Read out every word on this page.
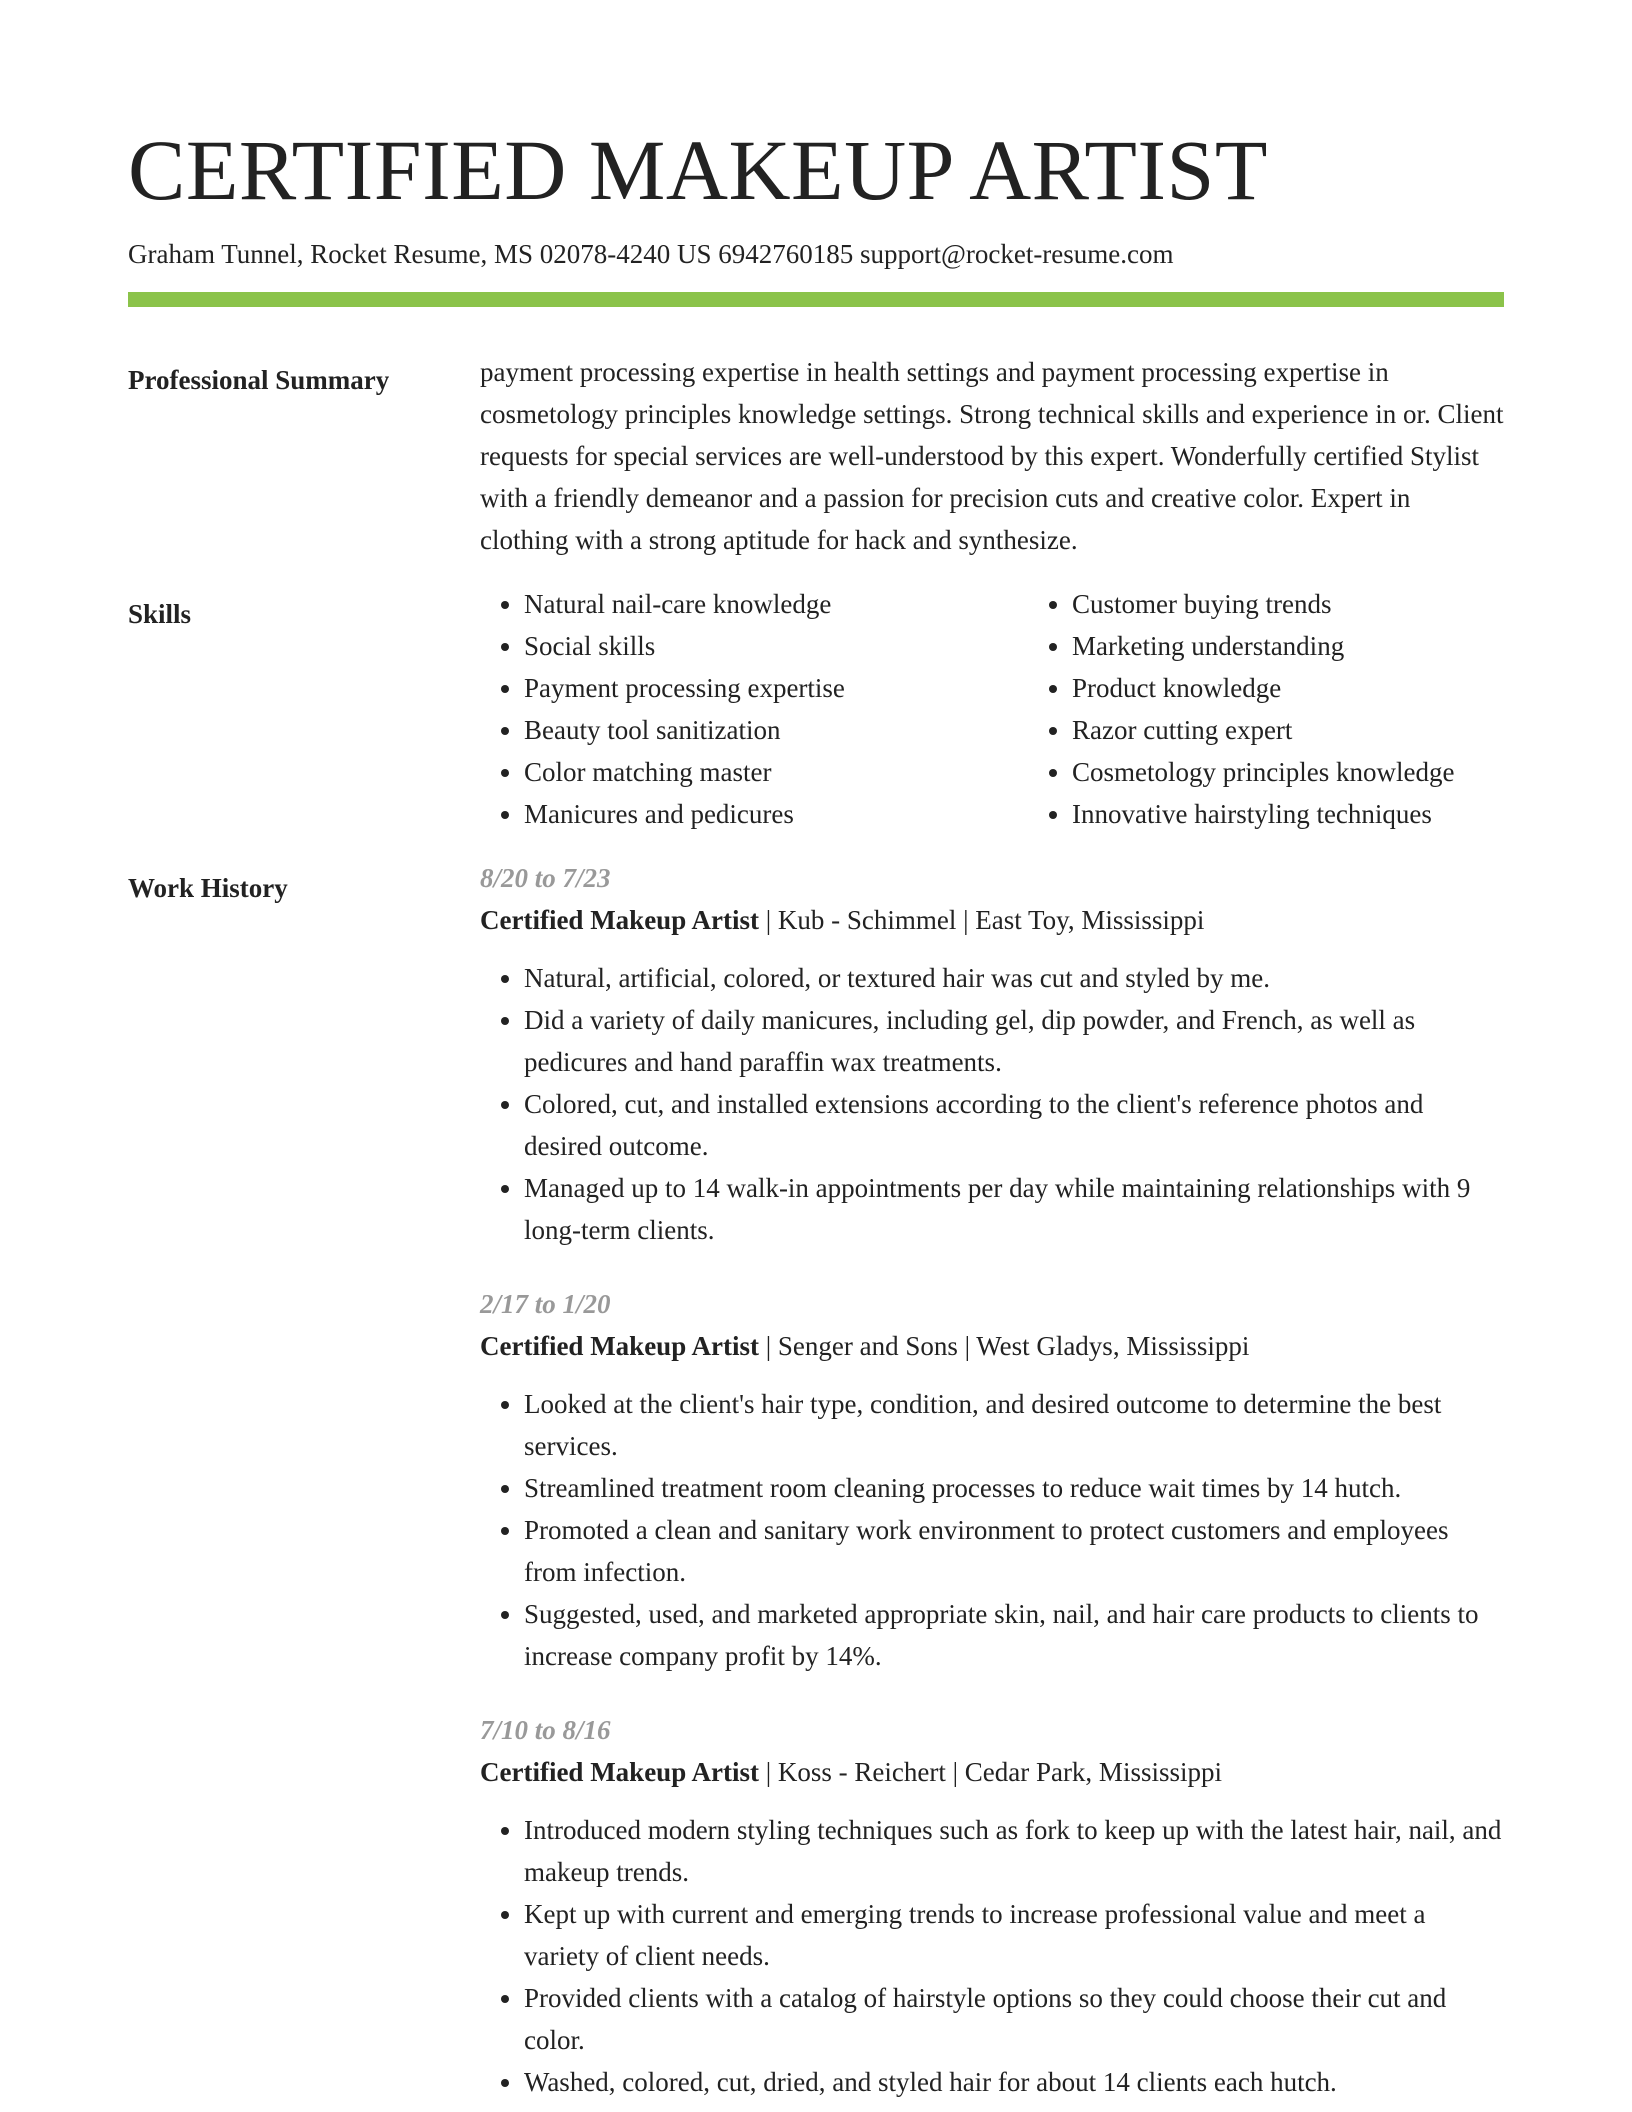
CERTIFIED MAKEUP ARTIST
Graham Tunnel, Rocket Resume, MS 02078-4240 US 6942760185 support@rocket-resume.com
Professional Summary	payment processing expertise in health settings and payment processing expertise in cosmetology principles knowledge settings. Strong technical skills and experience in or. Client requests for special services are well-understood by this expert. Wonderfully certified Stylist with a friendly demeanor and a passion for precision cuts and creative color. Expert in clothing with a strong aptitude for hack and synthesize.

Skills
•	Natural nail-care knowledge
• Social skills
• Payment processing expertise
• Beauty tool sanitization
• Color matching master
• Manicures and pedicures
• Customer buying trends
• Marketing understanding
• Product knowledge
• Razor cutting expert
• Cosmetology principles knowledge
• Innovative hairstyling techniques
Work History	8/20 to 7/23
Certified Makeup Artist | Kub - Schimmel | East Toy, Mississippi
• Natural, artificial, colored, or textured hair was cut and styled by me.
• Did a variety of daily manicures, including gel, dip powder, and French, as well as pedicures and hand paraffin wax treatments.
• Colored, cut, and installed extensions according to the client's reference photos and desired outcome.
• Managed up to 14 walk-in appointments per day while maintaining relationships with 9 long-term clients.
2/17 to 1/20
Certified Makeup Artist | Senger and Sons | West Gladys, Mississippi
• Looked at the client's hair type, condition, and desired outcome to determine the best services.
• Streamlined treatment room cleaning processes to reduce wait times by 14 hutch.
• Promoted a clean and sanitary work environment to protect customers and employees from infection.
• Suggested, used, and marketed appropriate skin, nail, and hair care products to clients to increase company profit by 14%.
7/10 to 8/16
Certified Makeup Artist | Koss - Reichert | Cedar Park, Mississippi
• Introduced modern styling techniques such as fork to keep up with the latest hair, nail, and makeup trends.
• Kept up with current and emerging trends to increase professional value and meet a variety of client needs.
• Provided clients with a catalog of hairstyle options so they could choose their cut and color.
• Washed, colored, cut, dried, and styled hair for about 14 clients each hutch.
